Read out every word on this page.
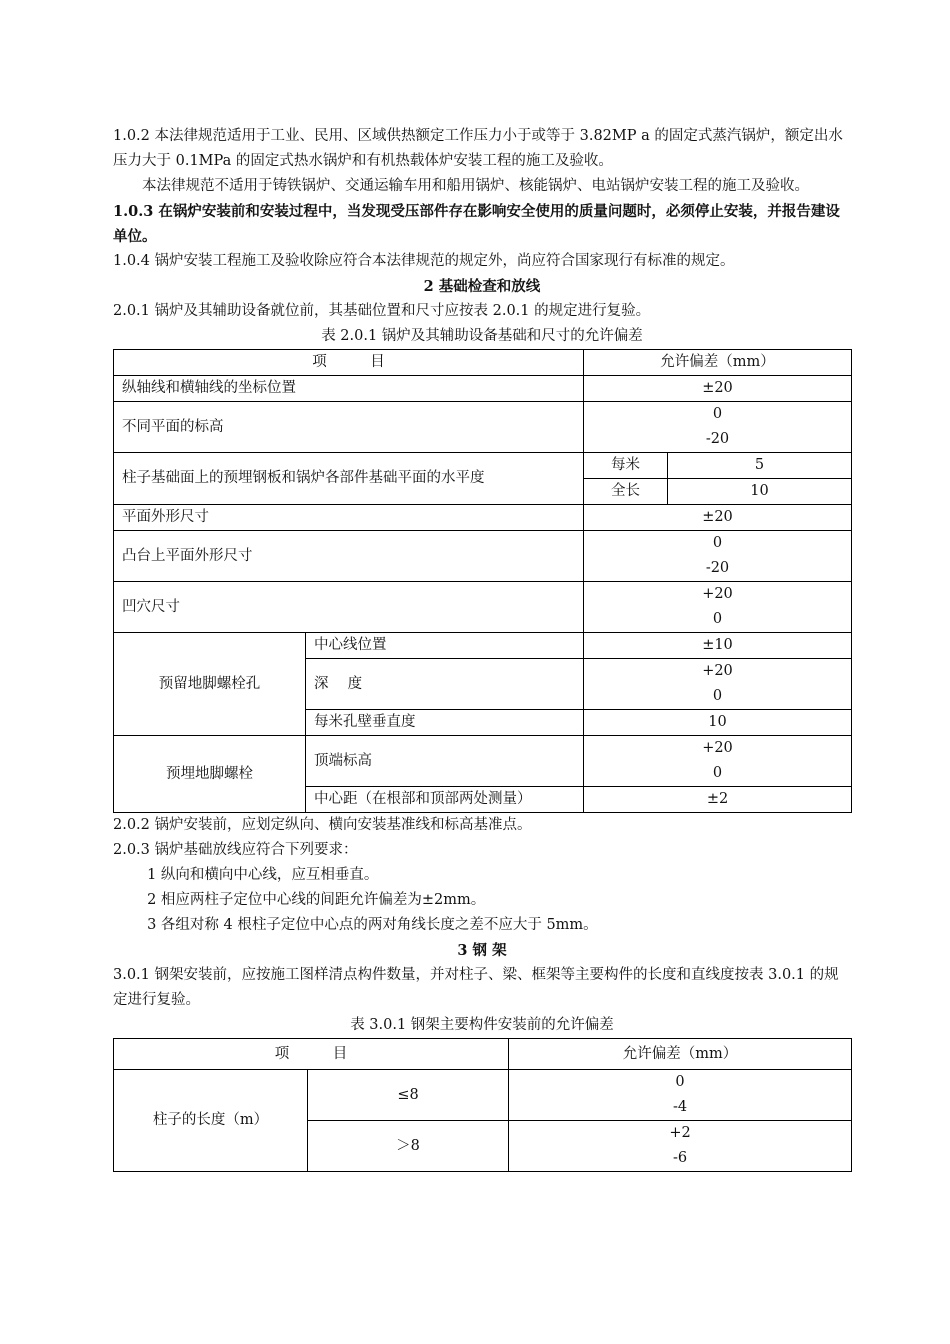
1.0.2 本法律规范适用于工业、民用、区域供热额定工作压力小于或等于 3.82MP a 的固定式蒸汽锅炉，额定出水压力大于 0.1MPa 的固定式热水锅炉和有机热载体炉安装工程的施工及验收。

本法律规范不适用于铸铁锅炉、交通运输车用和船用锅炉、核能锅炉、电站锅炉安装工程的施工及验收。

1.0.3 在锅炉安装前和安装过程中，当发现受压部件存在影响安全使用的质量问题时，必须停止安装，并报告建设单位。

1.0.4 锅炉安装工程施工及验收除应符合本法律规范的规定外，尚应符合国家现行有标准的规定。

2 基础检查和放线

2.0.1 锅炉及其辅助设备就位前，其基础位置和尺寸应按表 2.0.1 的规定进行复验。

表 2.0.1 锅炉及其辅助设备基础和尺寸的允许偏差

项　　　目		允许偏差（mm）	
纵轴线和横轴线的坐标位置		±20	
不同平面的标高		0
-20	

柱子基础面上的预埋钢板和锅炉各部件基础平面的水平度		每米	5
		全长	10
平面外形尺寸		±20	
凸台上平面外形尺寸		0
-20	

凹穴尺寸		+20
0	

预留地脚螺栓孔	中心线位置	±10	
	深　 度	+20
0	

	每米孔壁垂直度	10	
预埋地脚螺栓	顶端标高	+20
0	

	中心距（在根部和顶部两处测量）	±2	

2.0.2 锅炉安装前，应划定纵向、横向安装基准线和标高基准点。

2.0.3 锅炉基础放线应符合下列要求：

1 纵向和横向中心线，应互相垂直。

2 相应两柱子定位中心线的间距允许偏差为±2mm。

3 各组对称 4 根柱子定位中心点的两对角线长度之差不应大于 5mm。

3 钢 架

3.0.1 钢架安装前，应按施工图样清点构件数量，并对柱子、梁、框架等主要构件的长度和直线度按表 3.0.1 的规定进行复验。

表 3.0.1 钢架主要构件安装前的允许偏差

项　　　目		允许偏差（mm）
柱子的长度（m）	≤8	0
-4

	＞8	+2
-6
